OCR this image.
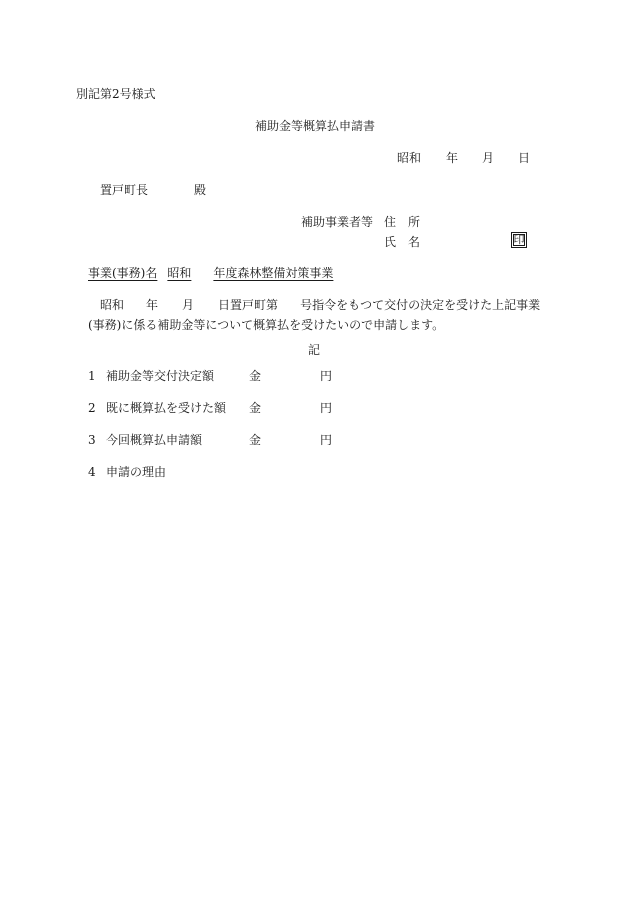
別記第2号様式
補助金等概算払申請書
昭和 年 月 日
置戸町長	殿
補助事業者等 住　所
氏　名	印
事業(事務)名 昭和 年度森林整備対策事業
昭和 年 月 日置戸町第 号指令をもつて交付の決定を受けた上記事業
(事務)に係る補助金等について概算払を受けたいので申請します。
記
1 補助金等交付決定額	金	円
2 既に概算払を受けた額 金	円
3 今回概算払申請額	金	円
4 申請の理由
